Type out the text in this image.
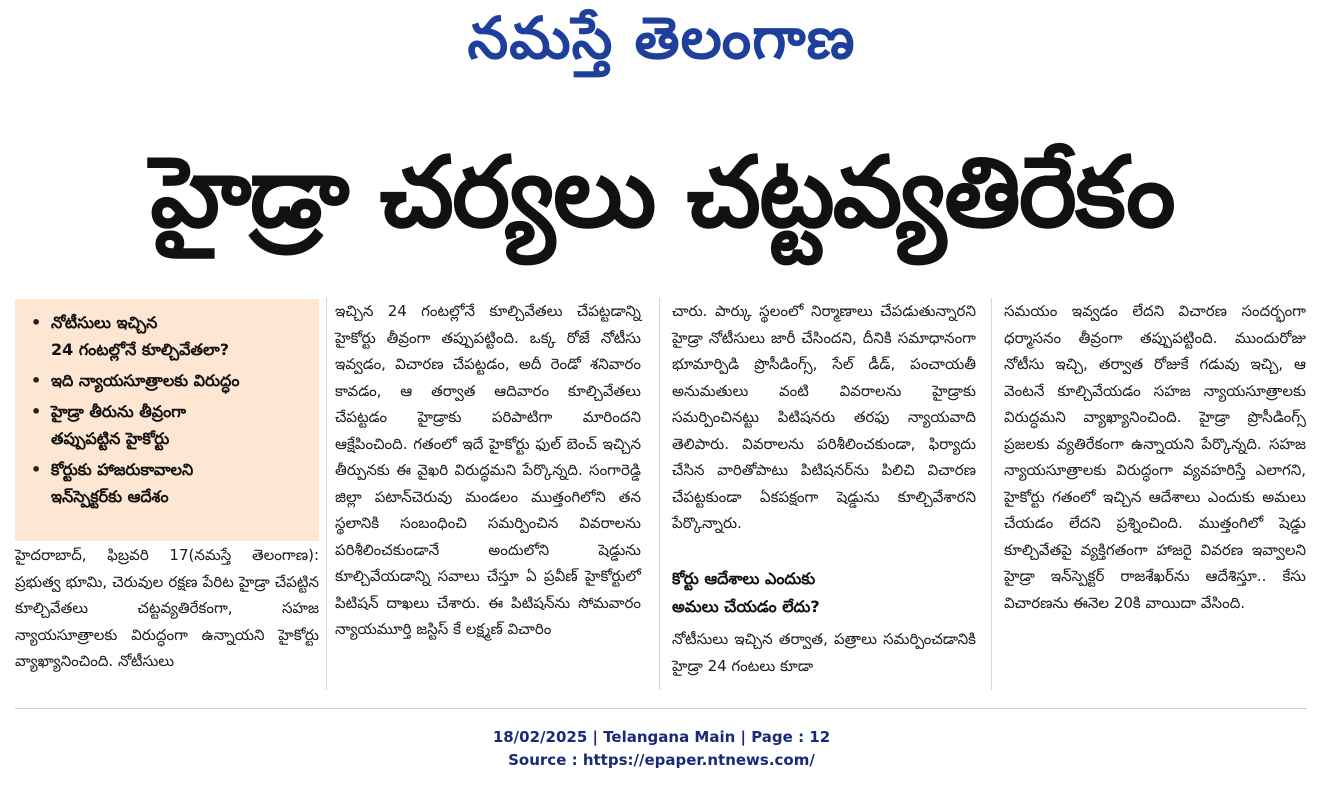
నమస్తే తెలంగాణ
హైడ్రా చర్యలు చట్టవ్యతిరేకం
• నోటీసులు ఇచ్చిన
24 గంటల్లోనే కూల్చివేతలా?
• ఇది న్యాయసూత్రాలకు విరుద్ధం
• హైడ్రా తీరును తీవ్రంగా
తప్పుపట్టిన హైకోర్టు
• కోర్టుకు హాజరుకావాలని
ఇన్‌స్పెక్టర్‌కు ఆదేశం
హైదరాబాద్‌, ఫిబ్రవరి 17(నమస్తే తెలంగాణ): ప్రభుత్వ భూమి, చెరువుల రక్షణ పేరిట హైడ్రా చేపట్టిన కూల్చివేతలు చట్టవ్యతిరేకంగా, సహజ న్యాయసూత్రాలకు విరుద్ధంగా ఉన్నాయని హైకోర్టు వ్యాఖ్యానించింది. నోటీసులు
ఇచ్చిన 24 గంటల్లోనే కూల్చివేతలు చేపట్టడాన్ని హైకోర్టు తీవ్రంగా తప్పుపట్టింది. ఒక్క రోజే నోటీసు ఇవ్వడం, విచారణ చేపట్టడం, అదీ రెండో శనివారం కావడం, ఆ తర్వాత ఆదివారం కూల్చివేతలు చేపట్టడం హైడ్రాకు పరిపాటిగా మారిందని ఆక్షేపించింది. గతంలో ఇదే హైకోర్టు ఫుల్‌ బెంచ్‌ ఇచ్చిన తీర్పునకు ఈ వైఖరి విరుద్ధమని పేర్కొన్నది. సంగారెడ్డి జిల్లా పటాన్‌చెరువు మండలం ముత్తంగిలోని తన స్థలానికి సంబంధించి సమర్పించిన వివరాలను పరిశీలించకుండానే అందులోని షెడ్డును కూల్చివేయడాన్ని సవాలు చేస్తూ ఏ ప్రవీణ్‌ హైకోర్టులో పిటిషన్‌ దాఖలు చేశారు. ఈ పిటిషన్‌ను సోమవారం న్యాయమూర్తి జస్టిస్‌ కే లక్ష్మణ్‌ విచారిం
చారు. పార్కు స్థలంలో నిర్మాణాలు చేపడుతున్నారని హైడ్రా నోటీసులు జారీ చేసిందని, దీనికి సమాధానంగా భూమార్పిడి ప్రొసీడింగ్స్‌, సేల్‌ డీడ్‌, పంచాయతీ అనుమతులు వంటి వివరాలను హైడ్రాకు సమర్పించినట్టు పిటిషనరు తరఫు న్యాయవాది తెలిపారు. వివరాలను పరిశీలించకుండా, ఫిర్యాదు చేసిన వారితోపాటు పిటిషనర్‌ను పిలిచి విచారణ చేపట్టకుండా ఏకపక్షంగా షెడ్డును కూల్చివేశారని పేర్కొన్నారు.
కోర్టు ఆదేశాలు ఎందుకు
అమలు చేయడం లేదు?
నోటీసులు ఇచ్చిన తర్వాత, పత్రాలు సమర్పించడానికి హైడ్రా 24 గంటలు కూడా
సమయం ఇవ్వడం లేదని విచారణ సందర్భంగా ధర్మాసనం తీవ్రంగా తప్పుపట్టింది. ముందురోజు నోటీసు ఇచ్చి, తర్వాత రోజుకే గడువు ఇచ్చి, ఆ వెంటనే కూల్చివేయడం సహజ న్యాయసూత్రాలకు విరుద్ధమని వ్యాఖ్యానించింది. హైడ్రా ప్రొసీడింగ్స్‌ ప్రజలకు వ్యతిరేకంగా ఉన్నాయని పేర్కొన్నది. సహజ న్యాయసూత్రాలకు విరుద్ధంగా వ్యవహరిస్తే ఎలాగని, హైకోర్టు గతంలో ఇచ్చిన ఆదేశాలు ఎందుకు అమలు చేయడం లేదని ప్రశ్నించింది. ముత్తంగిలో షెడ్డు కూల్చివేతపై వ్యక్తిగతంగా హాజరై వివరణ ఇవ్వాలని హైడ్రా ఇన్‌స్పెక్టర్‌ రాజశేఖర్‌ను ఆదేశిస్తూ.. కేసు విచారణను ఈనెల 20కి వాయిదా వేసింది.
18/02/2025 | Telangana Main | Page : 12
Source : https://epaper.ntnews.com/
